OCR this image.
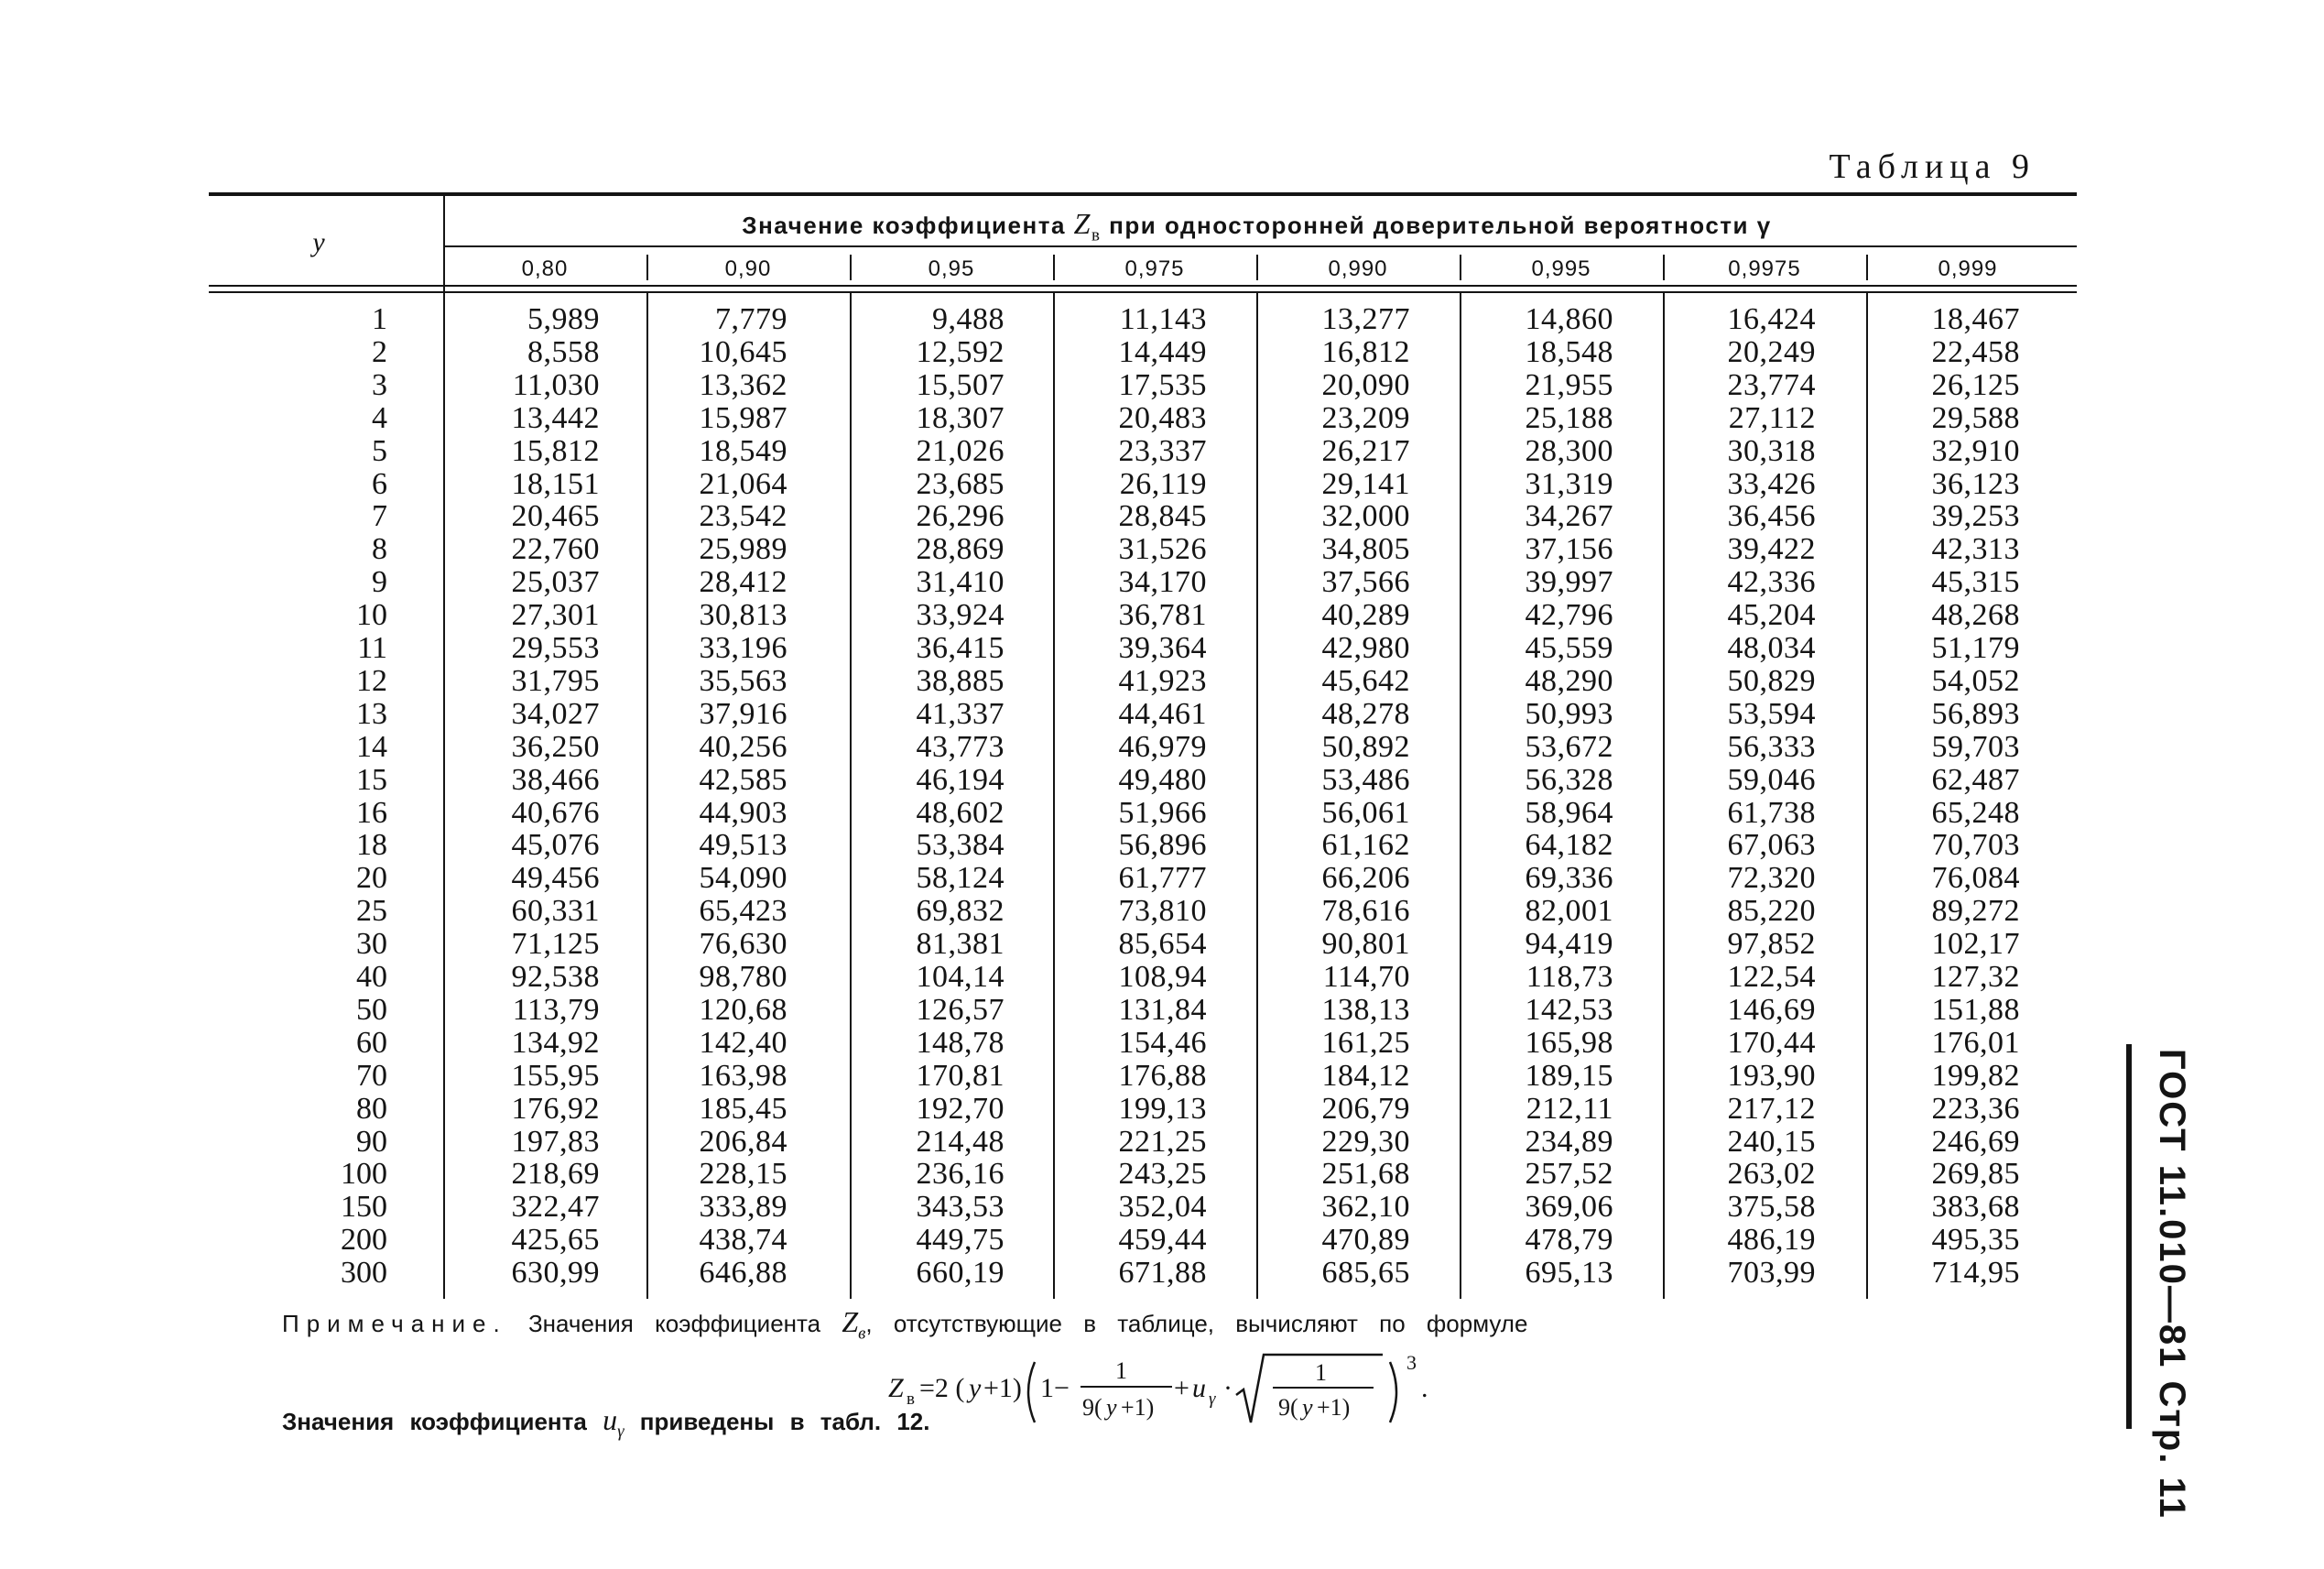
Таблица 9
y
Значение коэффициента $Z_в$ при односторонней доверительной вероятности γ
0,80	0,90	0,95	0,975	0,990	0,995	0,9975	0,999
1	5,989	7,779	9,488	11,143	13,277	14,860	16,424	18,467
2	8,558	10,645	12,592	14,449	16,812	18,548	20,249	22,458
3	11,030	13,362	15,507	17,535	20,090	21,955	23,774	26,125
4	13,442	15,987	18,307	20,483	23,209	25,188	27,112	29,588
5	15,812	18,549	21,026	23,337	26,217	28,300	30,318	32,910
6	18,151	21,064	23,685	26,119	29,141	31,319	33,426	36,123
7	20,465	23,542	26,296	28,845	32,000	34,267	36,456	39,253
8	22,760	25,989	28,869	31,526	34,805	37,156	39,422	42,313
9	25,037	28,412	31,410	34,170	37,566	39,997	42,336	45,315
10	27,301	30,813	33,924	36,781	40,289	42,796	45,204	48,268
11	29,553	33,196	36,415	39,364	42,980	45,559	48,034	51,179
12	31,795	35,563	38,885	41,923	45,642	48,290	50,829	54,052
13	34,027	37,916	41,337	44,461	48,278	50,993	53,594	56,893
14	36,250	40,256	43,773	46,979	50,892	53,672	56,333	59,703
15	38,466	42,585	46,194	49,480	53,486	56,328	59,046	62,487
16	40,676	44,903	48,602	51,966	56,061	58,964	61,738	65,248
18	45,076	49,513	53,384	56,896	61,162	64,182	67,063	70,703
20	49,456	54,090	58,124	61,777	66,206	69,336	72,320	76,084
25	60,331	65,423	69,832	73,810	78,616	82,001	85,220	89,272
30	71,125	76,630	81,381	85,654	90,801	94,419	97,852	102,17
40	92,538	98,780	104,14	108,94	114,70	118,73	122,54	127,32
50	113,79	120,68	126,57	131,84	138,13	142,53	146,69	151,88
60	134,92	142,40	148,78	154,46	161,25	165,98	170,44	176,01
70	155,95	163,98	170,81	176,88	184,12	189,15	193,90	199,82
80	176,92	185,45	192,70	199,13	206,79	212,11	217,12	223,36
90	197,83	206,84	214,48	221,25	229,30	234,89	240,15	246,69
100	218,69	228,15	236,16	243,25	251,68	257,52	263,02	269,85
150	322,47	333,89	343,53	352,04	362,10	369,06	375,58	383,68
200	425,65	438,74	449,75	459,44	470,89	478,79	486,19	495,35
300	630,99	646,88	660,19	671,88	685,65	695,13	703,99	714,95
Примечание. Значения коэффициента $Z_в$, отсутствующие в таблице, вычисляют по формуле
Z в =2 ( y +1) 1−
1
9( y +1)
+ u γ ·
1
9( y +1)
3
.
Значения коэффициента $u_\gamma$ приведены в табл. 12.	ГОСТ 11.010—81 Стр. 11
